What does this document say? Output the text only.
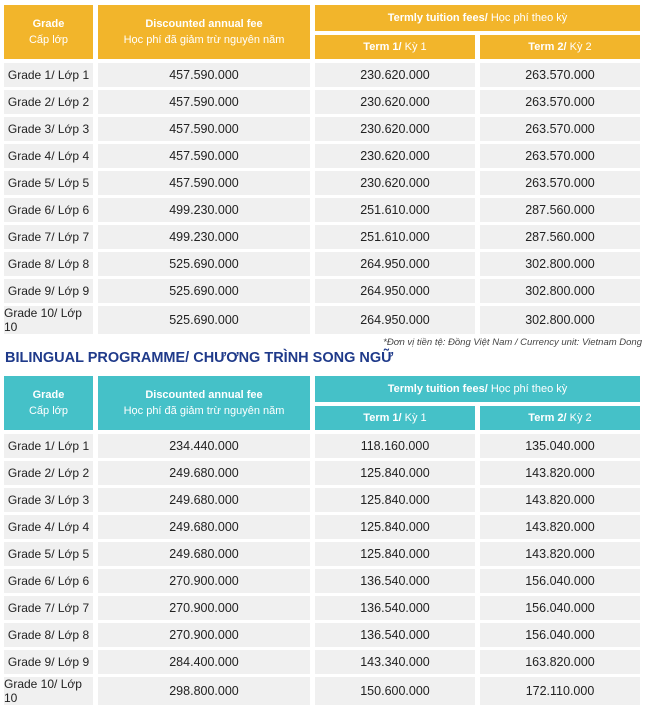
Grade
Cấp lớp
Discounted annual fee
Học phí đã giảm trừ nguyên năm
Termly tuition fees/ Học phí theo kỳ
Term 1/ Kỳ 1	Term 2/ Kỳ 2
Grade 1/ Lớp 1	457.590.000	230.620.000	263.570.000
Grade 2/ Lớp 2	457.590.000	230.620.000	263.570.000
Grade 3/ Lớp 3	457.590.000	230.620.000	263.570.000
Grade 4/ Lớp 4	457.590.000	230.620.000	263.570.000
Grade 5/ Lớp 5	457.590.000	230.620.000	263.570.000
Grade 6/ Lớp 6	499.230.000	251.610.000	287.560.000
Grade 7/ Lớp 7	499.230.000	251.610.000	287.560.000
Grade 8/ Lớp 8	525.690.000	264.950.000	302.800.000
Grade 9/ Lớp 9	525.690.000	264.950.000	302.800.000
Grade 10/ Lớp 10	525.690.000	264.950.000	302.800.000
*Đơn vị tiền tệ: Đồng Việt Nam / Currency unit: Vietnam Dong
BILINGUAL PROGRAMME/ CHƯƠNG TRÌNH SONG NGỮ
Grade
Cấp lớp
Discounted annual fee
Học phí đã giảm trừ nguyên năm
Termly tuition fees/ Học phí theo kỳ
Term 1/ Kỳ 1	Term 2/ Kỳ 2
Grade 1/ Lớp 1	234.440.000	118.160.000	135.040.000
Grade 2/ Lớp 2	249.680.000	125.840.000	143.820.000
Grade 3/ Lớp 3	249.680.000	125.840.000	143.820.000
Grade 4/ Lớp 4	249.680.000	125.840.000	143.820.000
Grade 5/ Lớp 5	249.680.000	125.840.000	143.820.000
Grade 6/ Lớp 6	270.900.000	136.540.000	156.040.000
Grade 7/ Lớp 7	270.900.000	136.540.000	156.040.000
Grade 8/ Lớp 8	270.900.000	136.540.000	156.040.000
Grade 9/ Lớp 9	284.400.000	143.340.000	163.820.000
Grade 10/ Lớp 10	298.800.000	150.600.000	172.110.000
